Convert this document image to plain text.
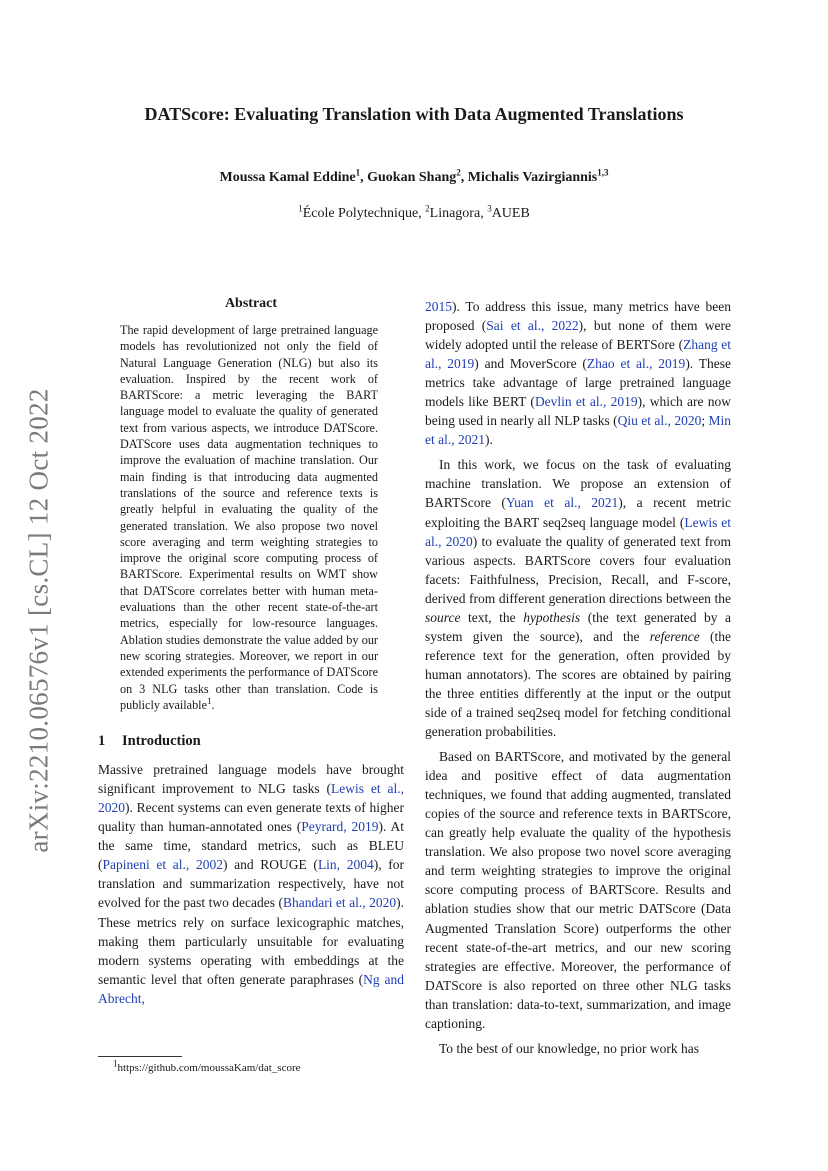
arXiv:2210.06576v1 [cs.CL] 12 Oct 2022
DATScore: Evaluating Translation with Data Augmented Translations
Moussa Kamal Eddine$^1$, Guokan Shang$^2$, Michalis Vazirgiannis$^{1,3}$
$^1$École Polytechnique, $^2$Linagora, $^3$AUEB
Abstract

The rapid development of large pretrained language models has revolutionized not only the field of Natural Language Generation (NLG) but also its evaluation. Inspired by the recent work of BARTScore: a metric leveraging the BART language model to evaluate the quality of generated text from various aspects, we introduce DATScore. DATScore uses data augmentation techniques to improve the evaluation of machine translation. Our main finding is that introducing data augmented translations of the source and reference texts is greatly helpful in evaluating the quality of the generated translation. We also propose two novel score averaging and term weighting strategies to improve the original score computing process of BARTScore. Experimental results on WMT show that DATScore correlates better with human meta-evaluations than the other recent state-of-the-art metrics, especially for low-resource languages. Ablation studies demonstrate the value added by our new scoring strategies. Moreover, we report in our extended experiments the performance of DATScore on 3 NLG tasks other than translation. Code is publicly available$^1$.

1	Introduction

Massive pretrained language models have brought significant improvement to NLG tasks (Lewis et al., 2020). Recent systems can even generate texts of higher quality than human-annotated ones (Peyrard, 2019). At the same time, standard metrics, such as BLEU (Papineni et al., 2002) and ROUGE (Lin, 2004), for translation and summarization respectively, have not evolved for the past two decades (Bhandari et al., 2020). These metrics rely on surface lexicographic matches, making them particularly unsuitable for evaluating modern systems operating with embeddings at the semantic level that often generate paraphrases (Ng and Abrecht,

2015). To address this issue, many metrics have been proposed (Sai et al., 2022), but none of them were widely adopted until the release of BERTSore (Zhang et al., 2019) and MoverScore (Zhao et al., 2019). These metrics take advantage of large pretrained language models like BERT (Devlin et al., 2019), which are now being used in nearly all NLP tasks (Qiu et al., 2020; Min et al., 2021).

In this work, we focus on the task of evaluating machine translation. We propose an extension of BARTScore (Yuan et al., 2021), a recent metric exploiting the BART seq2seq language model (Lewis et al., 2020) to evaluate the quality of generated text from various aspects. BARTScore covers four evaluation facets: Faithfulness, Precision, Recall, and F-score, derived from different generation directions between the source text, the hypothesis (the text generated by a system given the source), and the reference (the reference text for the generation, often provided by human annotators). The scores are obtained by pairing the three entities differently at the input or the output side of a trained seq2seq model for fetching conditional generation probabilities.

Based on BARTScore, and motivated by the general idea and positive effect of data augmentation techniques, we found that adding augmented, translated copies of the source and reference texts in BARTScore, can greatly help evaluate the quality of the hypothesis translation. We also propose two novel score averaging and term weighting strategies to improve the original score computing process of BARTScore. Results and ablation studies show that our metric DATScore (Data Augmented Translation Score) outperforms the other recent state-of-the-art metrics, and our new scoring strategies are effective. Moreover, the performance of DATScore is also reported on three other NLG tasks than translation: data-to-text, summarization, and image captioning.

To the best of our knowledge, no prior work has

$^1$https://github.com/moussaKam/dat_score
